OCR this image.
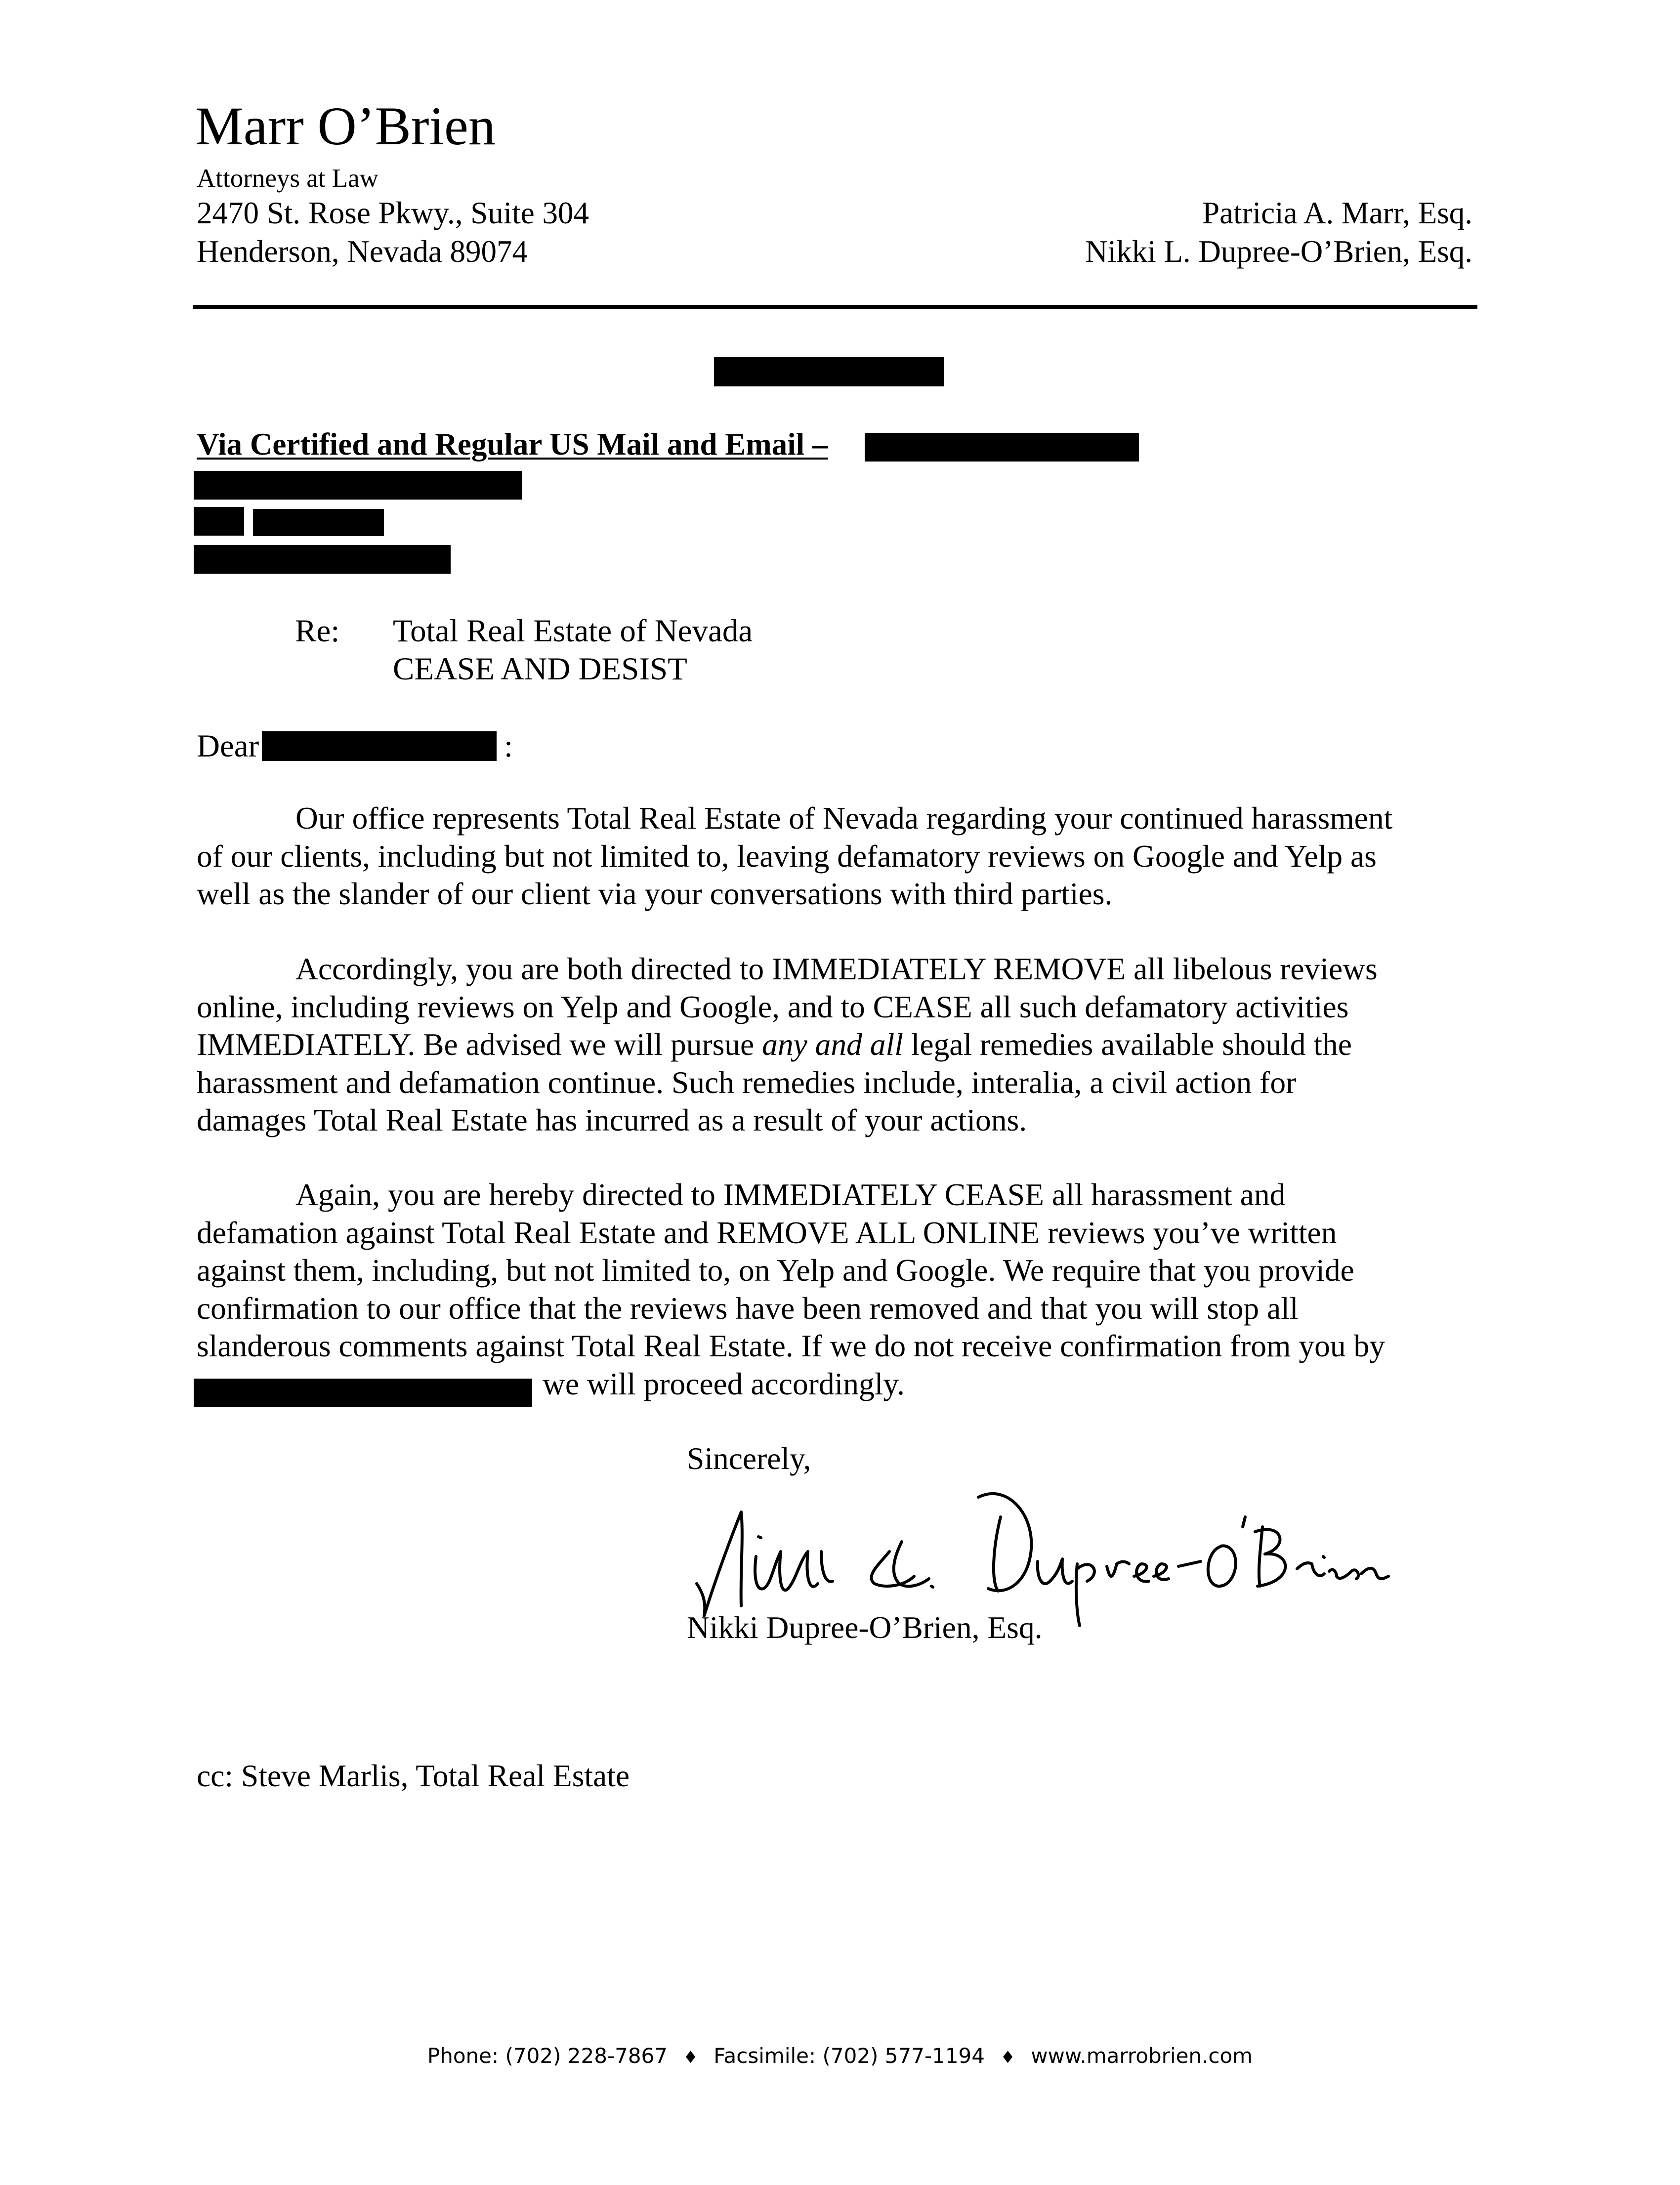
Marr O’Brien
Attorneys at Law
2470 St. Rose Pkwy., Suite 304
Henderson, Nevada 89074
Patricia A. Marr, Esq.
Nikki L. Dupree-O’Brien, Esq.
Via Certified and Regular US Mail and Email –
Re: Total Real Estate of Nevada
CEASE AND DESIST
Dear	:
Our office represents Total Real Estate of Nevada regarding your continued harassment
of our clients, including but not limited to, leaving defamatory reviews on Google and Yelp as
well as the slander of our client via your conversations with third parties.
Accordingly, you are both directed to IMMEDIATELY REMOVE all libelous reviews
online, including reviews on Yelp and Google, and to CEASE all such defamatory activities
IMMEDIATELY. Be advised we will pursue any and all legal remedies available should the
harassment and defamation continue. Such remedies include, interalia, a civil action for
damages Total Real Estate has incurred as a result of your actions.
Again, you are hereby directed to IMMEDIATELY CEASE all harassment and
defamation against Total Real Estate and REMOVE ALL ONLINE reviews you’ve written
against them, including, but not limited to, on Yelp and Google. We require that you provide
confirmation to our office that the reviews have been removed and that you will stop all
slanderous comments against Total Real Estate. If we do not receive confirmation from you by
we will proceed accordingly.
Sincerely,
Nikki Dupree-O’Brien, Esq.
cc: Steve Marlis, Total Real Estate
Phone: (702) 228-7867 ♦ Facsimile: (702) 577-1194 ♦ www.marrobrien.com
